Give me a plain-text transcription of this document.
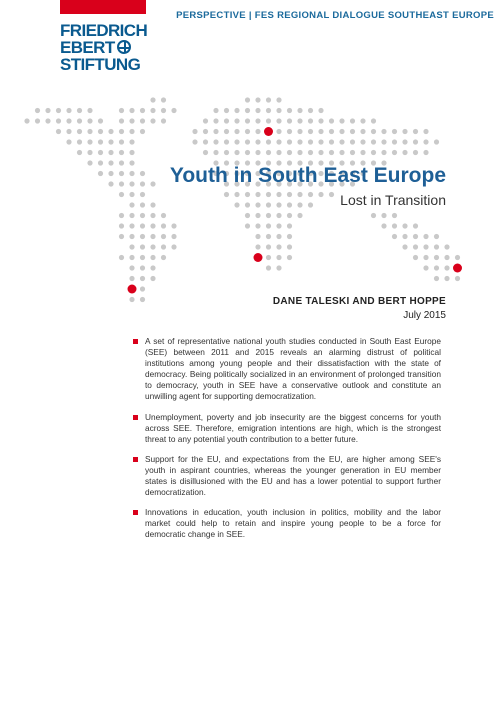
FRIEDRICH
EBERT
STIFTUNG
PERSPECTIVE | FES REGIONAL DIALOGUE SOUTHEAST EUROPE
Youth in South East Europe
Lost in Transition
DANE TALESKI AND BERT HOPPE
July 2015
A set of representative national youth studies conducted in South East Europe (SEE) between 2011 and 2015 reveals an alarming distrust of political institutions among young people and their dissatisfaction with the state of democracy. Being politically socialized in an environment of prolonged transition to democracy, youth in SEE have a conservative outlook and constitute an unwilling agent for supporting democratization.
Unemployment, poverty and job insecurity are the biggest concerns for youth across SEE. Therefore, emigration intentions are high, which is the strongest threat to any potential youth contribution to a better future.
Support for the EU, and expectations from the EU, are higher among SEE's youth in aspirant countries, whereas the younger generation in EU member states is disillusioned with the EU and has a lower potential to support further democratization.
Innovations in education, youth inclusion in politics, mobility and the labor market could help to retain and inspire young people to be a force for democratic change in SEE.
